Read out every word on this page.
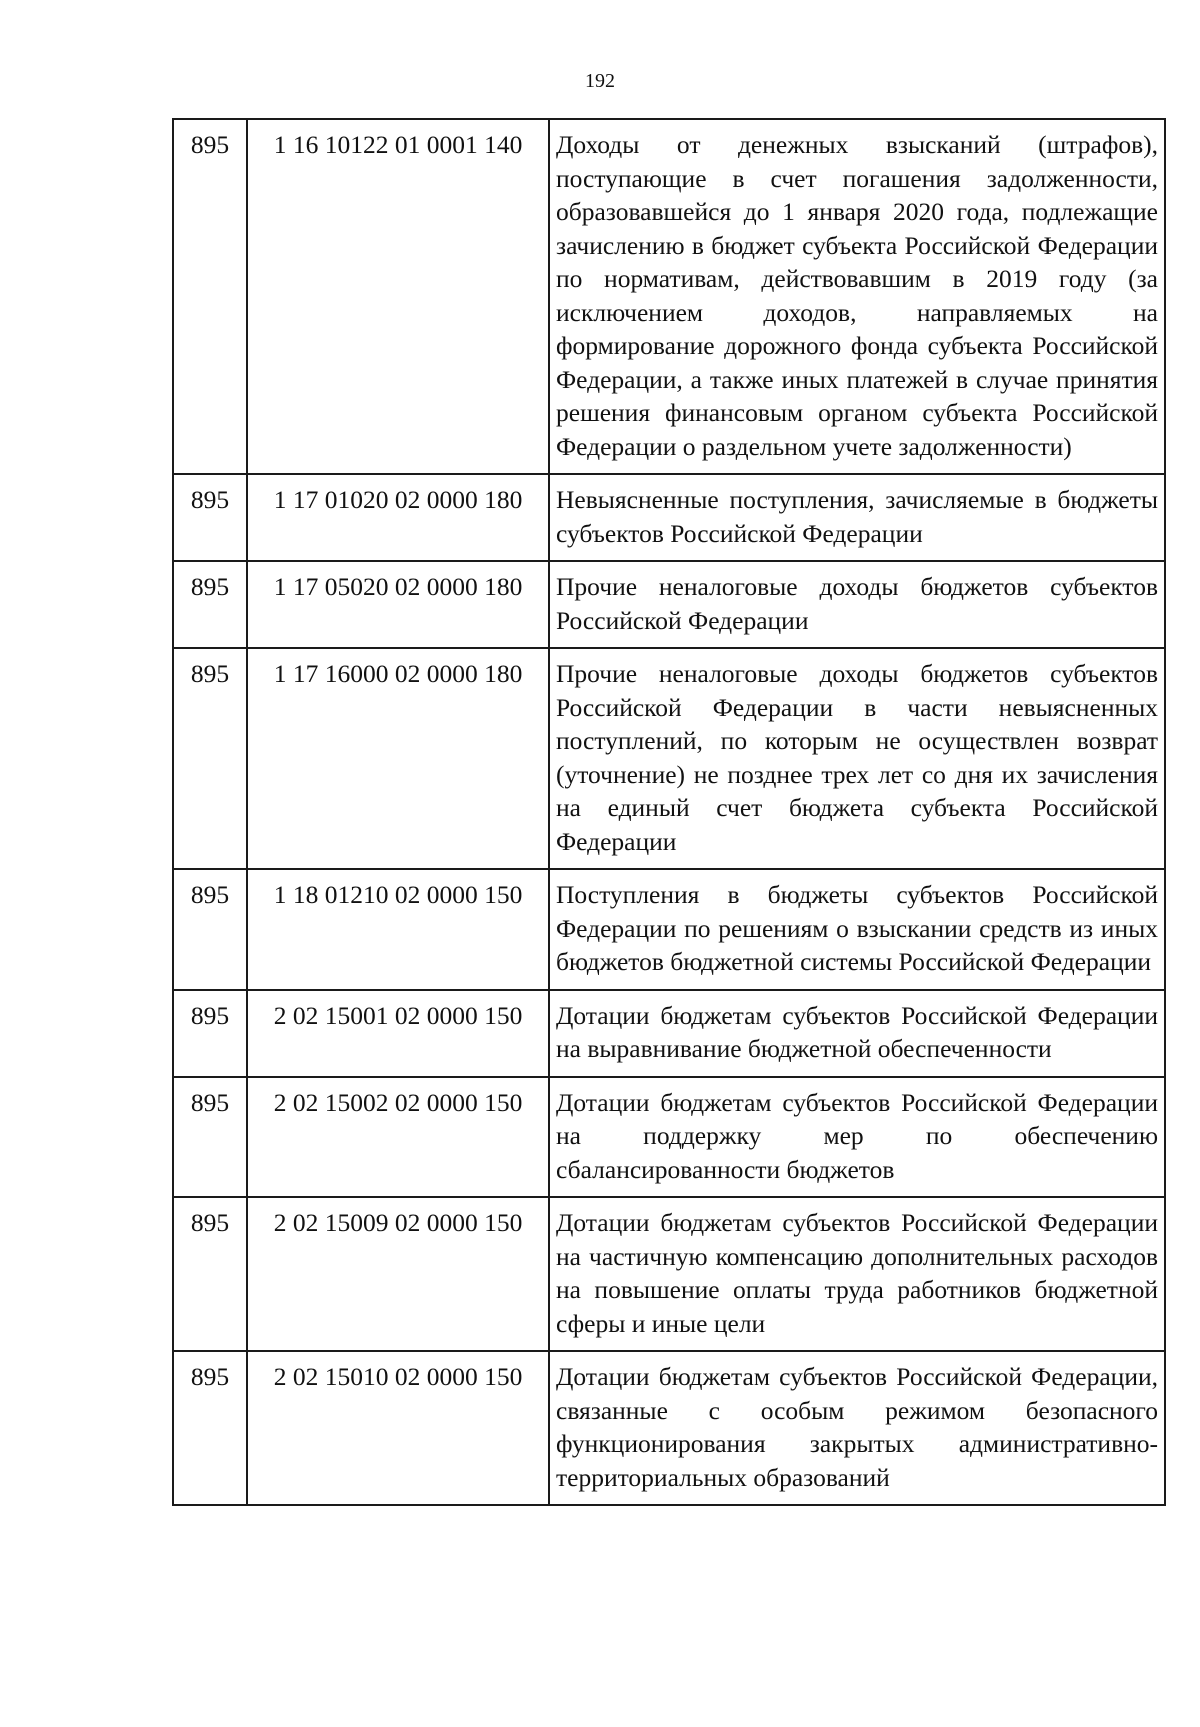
192
895	1 16 10122 01 0001 140	Доходы от денежных взысканий (штрафов), поступающие в счет погашения задолженности, образовавшейся до 1 января 2020 года, подлежащие зачислению в бюджет субъекта Российской Федерации по нормативам, действовавшим в 2019 году (за исключением доходов, направляемых на формирование дорожного фонда субъекта Российской Федерации, а также иных платежей в случае принятия решения финансовым органом субъекта Российской Федерации о раздельном учете задолженности)
895	1 17 01020 02 0000 180	Невыясненные поступления, зачисляемые в бюджеты субъектов Российской Федерации
895	1 17 05020 02 0000 180	Прочие неналоговые доходы бюджетов субъектов Российской Федерации
895	1 17 16000 02 0000 180	Прочие неналоговые доходы бюджетов субъектов Российской Федерации в части невыясненных поступлений, по которым не осуществлен возврат (уточнение) не позднее трех лет со дня их зачисления на единый счет бюджета субъекта Российской Федерации
895	1 18 01210 02 0000 150	Поступления в бюджеты субъектов Российской Федерации по решениям о взыскании средств из иных бюджетов бюджетной системы Российской Федерации
895	2 02 15001 02 0000 150	Дотации бюджетам субъектов Российской Федерации на выравнивание бюджетной обеспеченности
895	2 02 15002 02 0000 150	Дотации бюджетам субъектов Российской Федерации на поддержку мер по обеспечению сбалансированности бюджетов
895	2 02 15009 02 0000 150	Дотации бюджетам субъектов Российской Федерации на частичную компенсацию дополнительных расходов на повышение оплаты труда работников бюджетной сферы и иные цели
895	2 02 15010 02 0000 150	Дотации бюджетам субъектов Российской Федерации, связанные с особым режимом безопасного функционирования закрытых административно-территориальных образований
